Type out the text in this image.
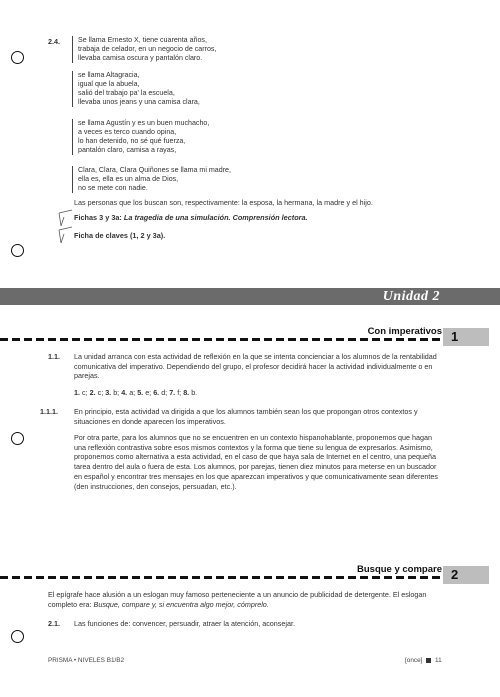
2.4.	Se llama Ernesto X, tiene cuarenta años,
trabaja de celador, en un negocio de carros,
llevaba camisa oscura y pantalón claro.
se llama Altagracia,
igual que la abuela,
salió del trabajo pa' la escuela,
llevaba unos jeans y una camisa clara,
se llama Agustín y es un buen muchacho,
a veces es terco cuando opina,
lo han detenido, no sé qué fuerza,
pantalón claro, camisa a rayas,
Clara, Clara, Clara Quiñones se llama mi madre,
ella es, ella es un alma de Dios,
no se mete con nadie.
Las personas que los buscan son, respectivamente: la esposa, la hermana, la madre y el hijo.
Fichas 3 y 3a: La tragedia de una simulación. Comprensión lectora.
Ficha de claves (1, 2 y 3a).
Unidad 2
Con imperativos 1
1.1. La unidad arranca con esta actividad de reflexión en la que se intenta concienciar a los alumnos de la rentabilidad comunicativa del imperativo. Dependiendo del grupo, el profesor decidirá hacer la actividad individualmente o en parejas.
1. c; 2. c; 3. b; 4. a; 5. e; 6. d; 7. f; 8. b.
1.1.1. En principio, esta actividad va dirigida a que los alumnos también sean los que propongan otros contextos y situaciones en donde aparecen los imperativos.
Por otra parte, para los alumnos que no se encuentren en un contexto hispanohablante, proponemos que hagan una reflexión contrastiva sobre esos mismos contextos y la forma que tiene su lengua de expresarlos. Asimismo, proponemos como alternativa a esta actividad, en el caso de que haya sala de Internet en el centro, una pequeña tarea dentro del aula o fuera de esta. Los alumnos, por parejas, tienen diez minutos para meterse en un buscador en español y encontrar tres mensajes en los que aparezcan imperativos y que comunicativamente sean diferentes (den instrucciones, den consejos, persuadan, etc.).
Busque y compare 2
El epígrafe hace alusión a un eslogan muy famoso perteneciente a un anuncio de publicidad de detergente. El eslogan completo era: Busque, compare y, si encuentra algo mejor, cómprelo.
2.1. Las funciones de: convencer, persuadir, atraer la atención, aconsejar.
PRISMA • NIVELES B1/B2	[once] 11
